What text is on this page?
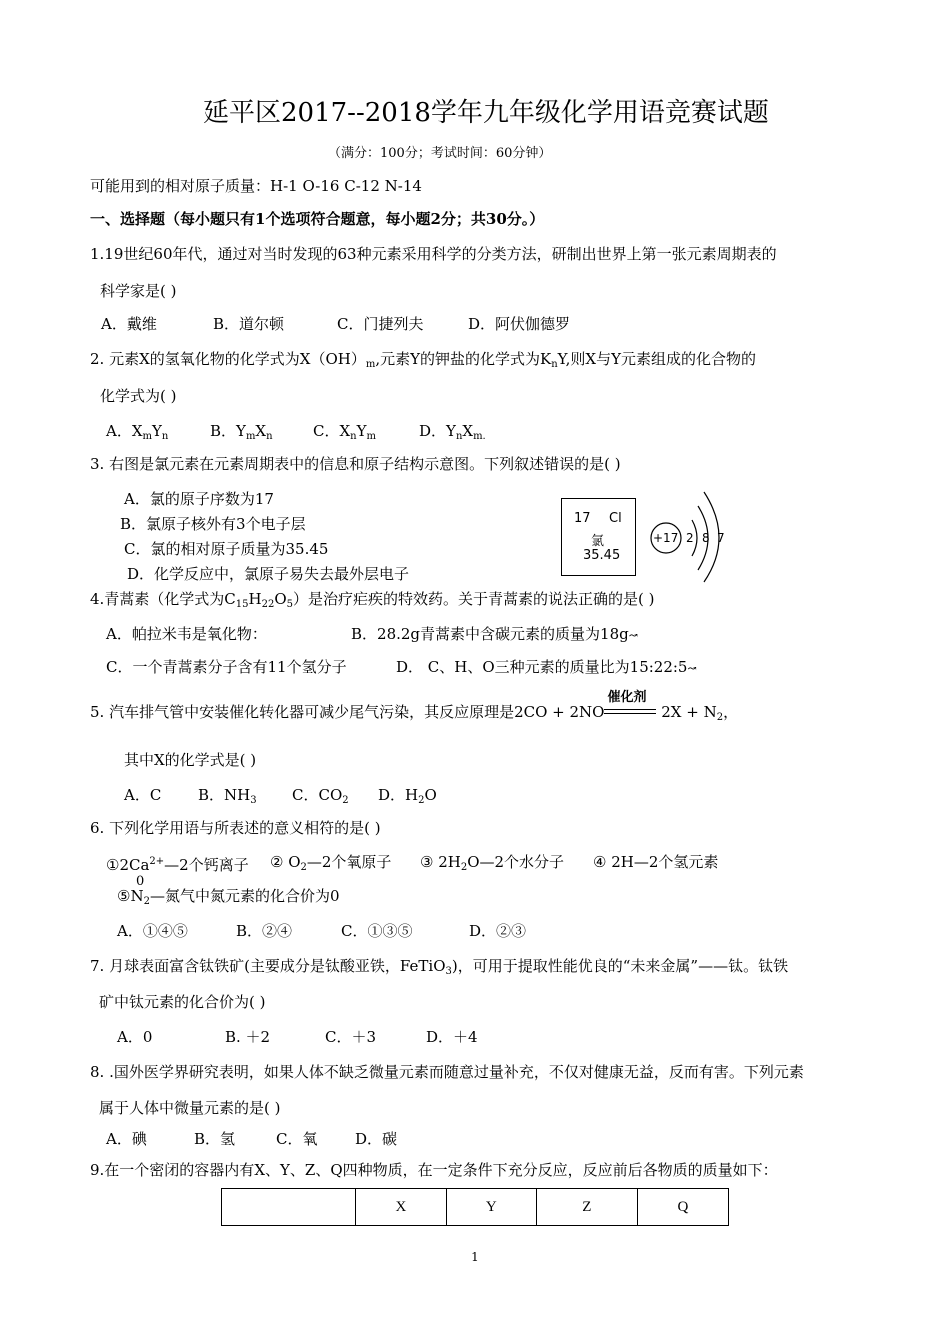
延平区2017--2018学年九年级化学用语竞赛试题
（满分：100分；考试时间：60分钟）
可能用到的相对原子质量：H-1 O-16 C-12 N-14
一、选择题（每小题只有1个选项符合题意，每小题2分；共30分。）
1.19世纪60年代，通过对当时发现的63种元素采用科学的分类方法，研制出世界上第一张元素周期表的
科学家是( )
A．戴维	B．道尔顿	C．门捷列夫	D．阿伏伽德罗
2. 元素X的氢氧化物的化学式为$X(OH)_m$,元素Y的钾盐的化学式为$K_nY$,则X与Y元素组成的化合物的
化学式为( )
A．$X_mY_n$	B．$Y_mX_n$	C．$X_nY_m$	D．$Y_nX_{m.}$
3. 右图是氯元素在元素周期表中的信息和原子结构示意图。下列叙述错误的是( )
A．氯的原子序数为17
B．氯原子核外有3个电子层
C．氯的相对原子质量为35.45
D．化学反应中，氯原子易失去最外层电子
17 Cl
氯
35.45
+17 2 8 7
4.青蒿素（化学式为$C_{15}H_{22}O_5$）是治疗疟疾的特效药。关于青蒿素的说法正确的是( )
A．帕拉米韦是氧化物：	B．28.2g青蒿素中含碳元素的质量为18g↝
C．一个青蒿素分子含有11个氢分子	D． C、H、O三种元素的质量比为15:22:5↝
5. 汽车排气管中安装催化转化器可减少尾气污染，其反应原理是2CO + 2NO
催化剂
$2X + N_2$，
其中X的化学式是( )
A．C B．$NH_3$ C．$CO_2$ D．$H_2O$
6. 下列化学用语与所表述的意义相符的是( )
$①2Ca^{2+}—2$个钙离子 ② $O_2—2$个氧原子 ③ $2H_2O—2$个水分子 ④ 2H—2个氢元素
$⑤N_2—$氮气中氮元素的化合价为0
0
A．①④⑤	B．②④	C．①③⑤	D．②③
7. 月球表面富含钛铁矿(主要成分是钛酸亚铁，FeTiO$_3$)，可用于提取性能优良的“未来金属”——钛。钛铁
矿中钛元素的化合价为( )
A．0	B. ＋2	C．＋3	D．＋4
8. .国外医学界研究表明，如果人体不缺乏微量元素而随意过量补充，不仅对健康无益，反而有害。下列元素
属于人体中微量元素的是( )
A．碘	B．氢	C．氧	D．碳
9.在一个密闭的容器内有X、Y、Z、Q四种物质，在一定条件下充分反应，反应前后各物质的质量如下：
	X	Y	Z	Q
1
